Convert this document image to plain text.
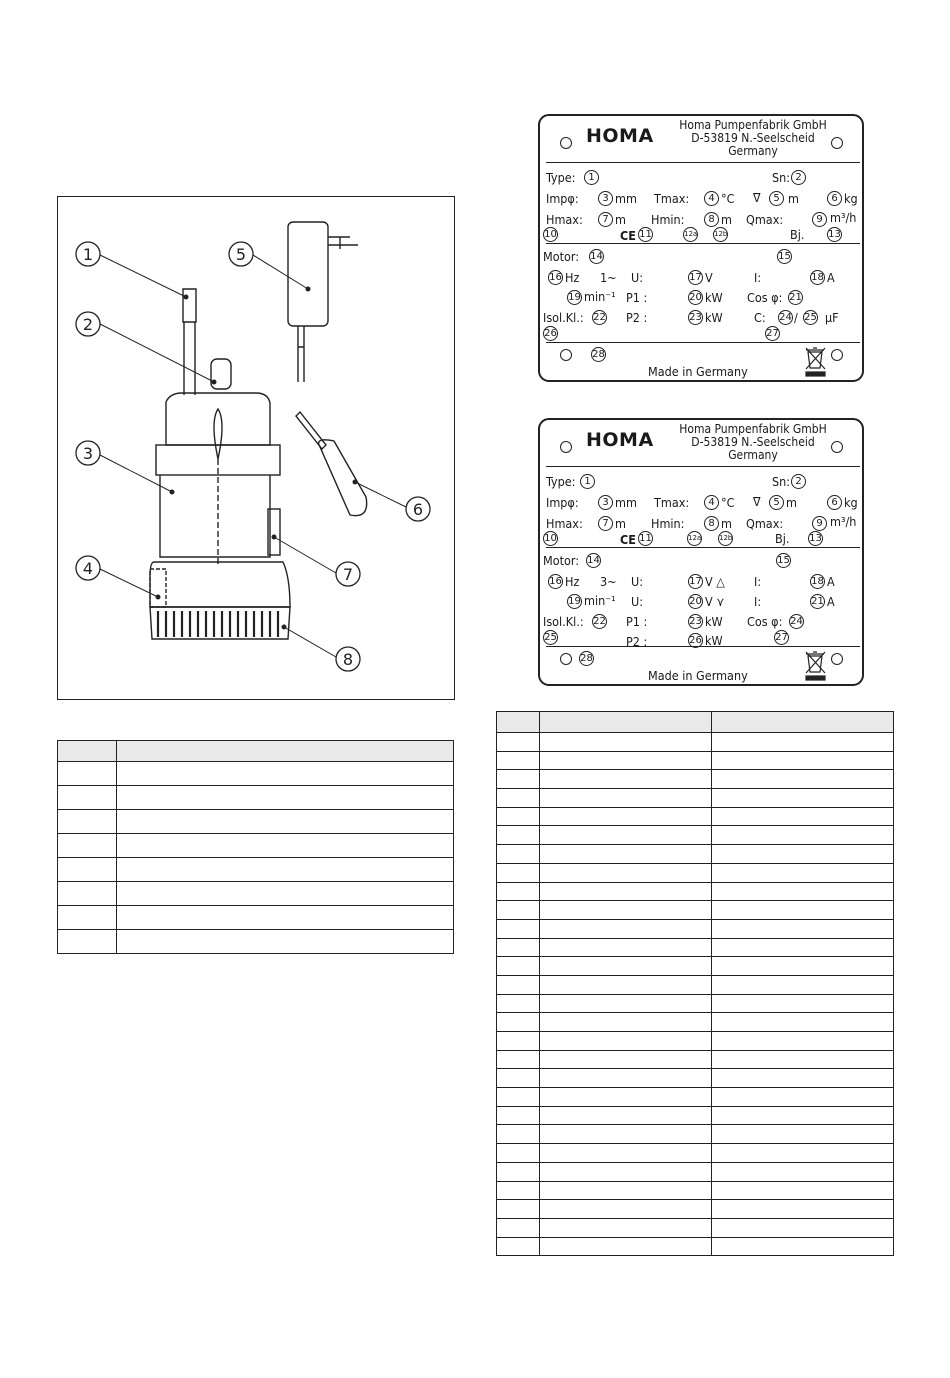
1
2
3
4
5
6
7
8
HOMA	Homa Pumpenfabrik GmbH
D-53819 N.-Seelscheid
Germany
Type:	1	Sn: 2
Impφ:	3 mm Tmax:	4 °C ∇	5 m	6 kg
Hmax:	7 m Hmin:	8 m Qmax:	9 m³/h
10	CE 11	12a 12b	Bj. 13
Motor: 14	15
16 Hz 1~ U:	17 V	I:	18 A
19 min⁻¹ P1 :	20 kW Cos φ: 21
Isol.Kl.: 22 P2 :	23 kW	C: 24 / 25 μF
26	27
28
Made in Germany
HOMA	Homa Pumpenfabrik GmbH
D-53819 N.-Seelscheid
Germany
Type: 1	Sn: 2
Impφ:	3 mm Tmax:	4 °C ∇	5 m	6 kg
Hmax:	7 m Hmin:	8 m Qmax:	9 m³/h
10	CE 11	12a	12b	Bj. 13
Motor: 14	15
16 Hz 3~ U:	17 V △ I:	18 A
19 min⁻¹ U:	20 V ⋎ I:	21 A
Isol.Kl.: 22 P1 :	23 kW Cos φ: 24
25	P2 :	26 kW	27
28
Made in Germany
